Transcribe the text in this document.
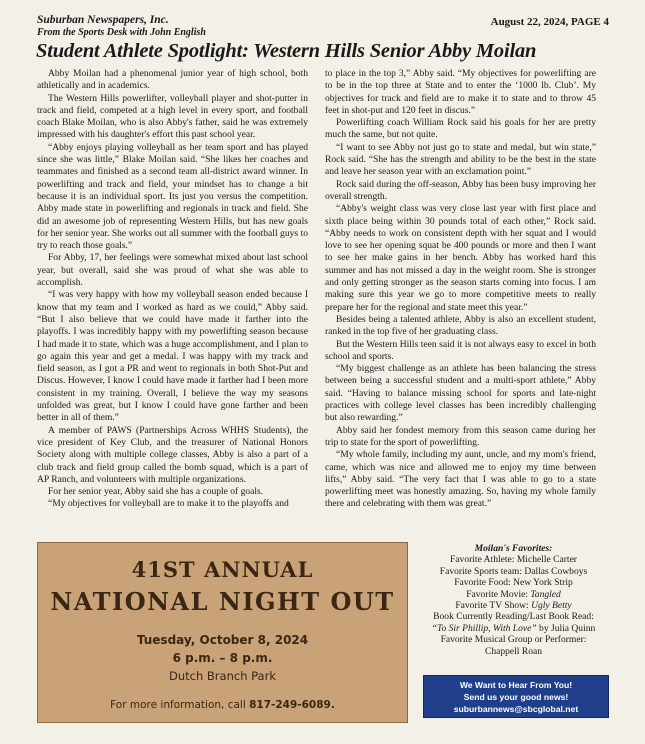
Suburban Newspapers, Inc.
From the Sports Desk with John English
August 22, 2024, PAGE 4
Student Athlete Spotlight: Western Hills Senior Abby Moilan

Abby Moilan had a phenomenal junior year of high school, both athletically and in academics.

The Western Hills powerlifter, volleyball player and shot-putter in track and field, competed at a high level in every sport, and football coach Blake Moilan, who is also Abby's father, said he was extremely impressed with his daughter's effort this past school year.

“Abby enjoys playing volleyball as her team sport and has played since she was little,” Blake Moilan said. “She likes her coaches and teammates and finished as a second team all-district award winner. In powerlifting and track and field, your mindset has to change a bit because it is an individual sport. Its just you versus the competition. Abby made state in powerlifting and regionals in track and field. She did an awesome job of representing Western Hills, but has new goals for her senior year. She works out all summer with the football guys to try to reach those goals.”

For Abby, 17, her feelings were somewhat mixed about last school year, but overall, said she was proud of what she was able to accomplish.

“I was very happy with how my volleyball season ended because I know that my team and I worked as hard as we could,” Abby said. “But I also believe that we could have made it farther into the playoffs. I was incredibly happy with my powerlifting season because I had made it to state, which was a huge accomplishment, and I plan to go again this year and get a medal. I was happy with my track and field season, as I got a PR and went to regionals in both Shot-Put and Discus. However, I know I could have made it farther had I been more consistent in my training. Overall, I believe the way my seasons unfolded was great, but I know I could have gone farther and been better in all of them.”

A member of PAWS (Partnerships Across WHHS Students), the vice president of Key Club, and the treasurer of National Honors Society along with multiple college classes, Abby is also a part of a club track and field group called the bomb squad, which is a part of AP Ranch, and volunteers with multiple organizations.

For her senior year, Abby said she has a couple of goals.

“My objectives for volleyball are to make it to the playoffs and

to place in the top 3,” Abby said. “My objectives for powerlifting are to be in the top three at State and to enter the ‘1000 lb. Club’. My objectives for track and field are to make it to state and to throw 45 feet in shot-put and 120 feet in discus.”

Powerlifting coach William Rock said his goals for her are pretty much the same, but not quite.

“I want to see Abby not just go to state and medal, but win state,” Rock said. “She has the strength and ability to be the best in the state and leave her season year with an exclamation point.”

Rock said during the off-season, Abby has been busy improving her overall strength.

“Abby's weight class was very close last year with first place and sixth place being within 30 pounds total of each other,” Rock said. “Abby needs to work on consistent depth with her squat and I would love to see her opening squat be 400 pounds or more and then I want to see her make gains in her bench. Abby has worked hard this summer and has not missed a day in the weight room. She is stronger and only getting stronger as the season starts coming into focus. I am making sure this year we go to more competitive meets to really prepare her for the regional and state meet this year.”

Besides being a talented athlete, Abby is also an excellent student, ranked in the top five of her graduating class.

But the Western Hills teen said it is not always easy to excel in both school and sports.

“My biggest challenge as an athlete has been balancing the stress between being a successful student and a multi-sport athlete,” Abby said. “Having to balance missing school for sports and late-night practices with college level classes has been incredibly challenging but also rewarding.”

Abby said her fondest memory from this season came during her trip to state for the sport of powerlifting.

“My whole family, including my aunt, uncle, and my mom's friend, came, which was nice and allowed me to enjoy my time between lifts,” Abby said. “The very fact that I was able to go to a state powerlifting meet was honestly amazing. So, having my whole family there and celebrating with them was great.”

41ST ANNUAL
NATIONAL NIGHT OUT
Tuesday, October 8, 2024
6 p.m. – 8 p.m.
Dutch Branch Park
For more information, call 817-249-6089.
Moilan's Favorites:
Favorite Athlete: Michelle Carter
Favorite Sports team: Dallas Cowboys
Favorite Food: New York Strip
Favorite Movie: Tangled
Favorite TV Show: Ugly Betty
Book Currently Reading/Last Book Read:
“To Sir Phillip, With Love” by Julia Quinn
Favorite Musical Group or Performer:
Chappell Roan
We Want to Hear From You!
Send us your good news!
suburbannews@sbcglobal.net
